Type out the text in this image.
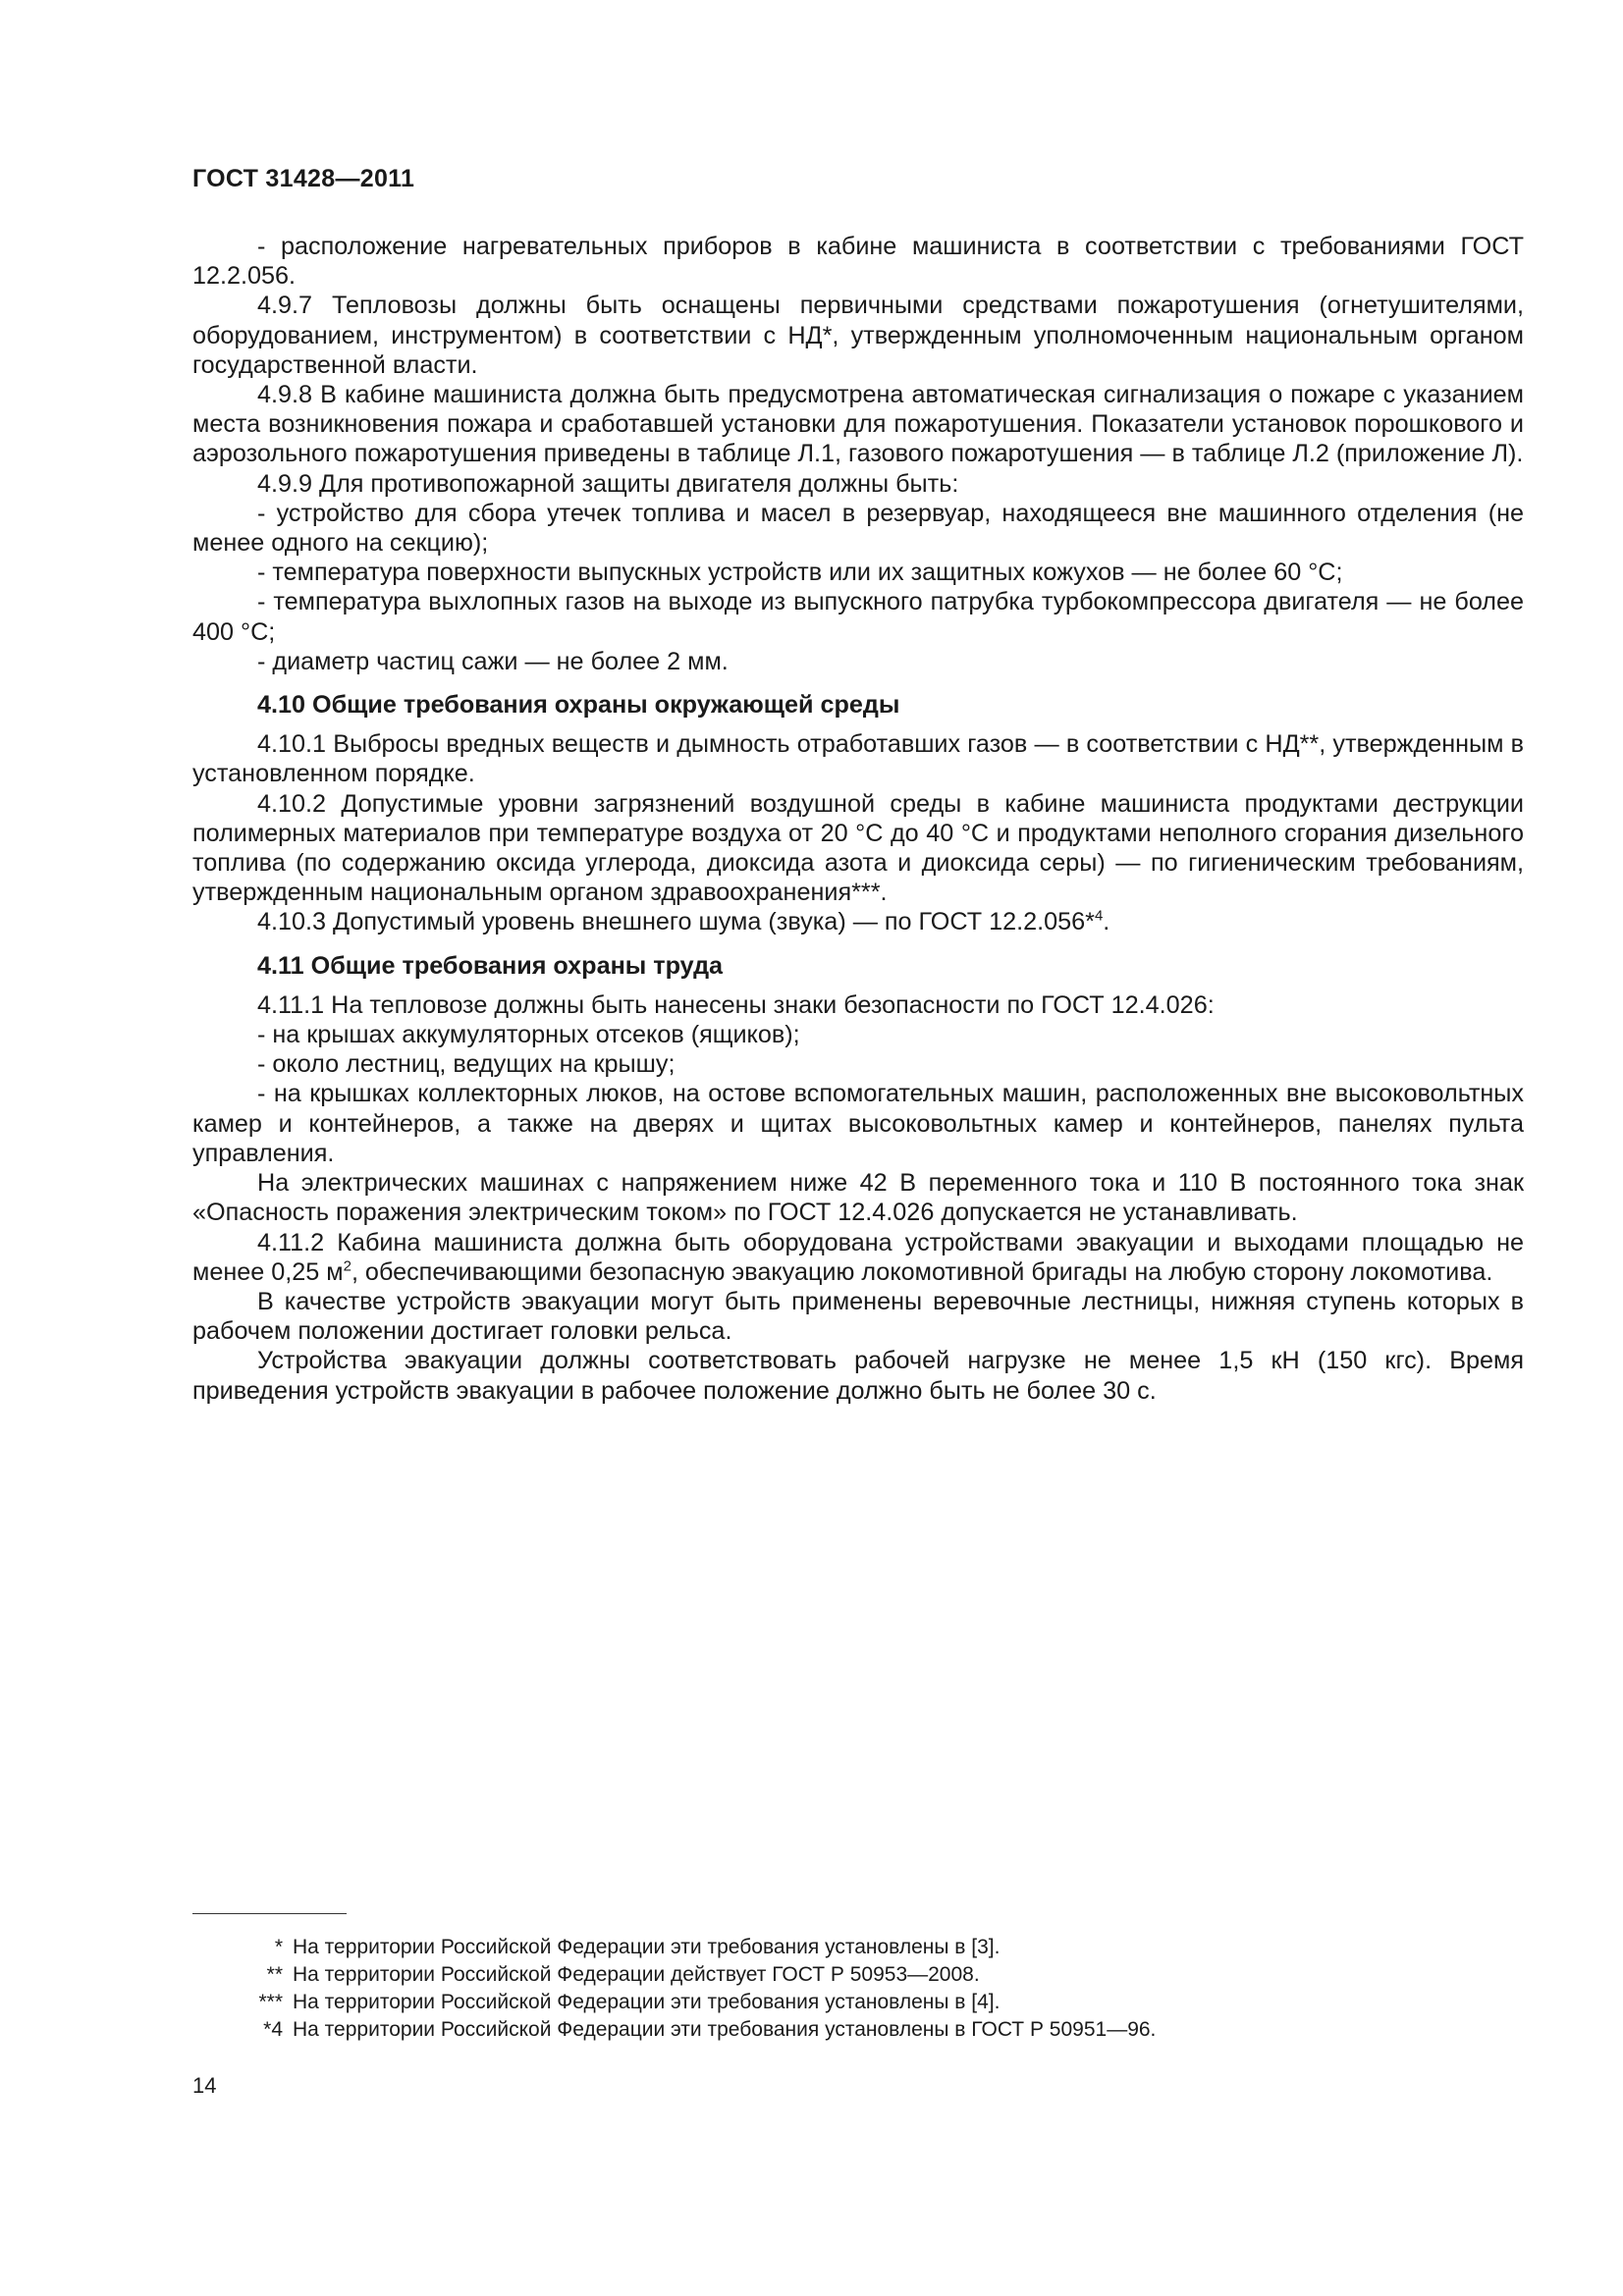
ГОСТ 31428—2011

- расположение нагревательных приборов в кабине машиниста в соответствии с требованиями ГОСТ 12.2.056.

4.9.7 Тепловозы должны быть оснащены первичными средствами пожаротушения (огнетушителями, оборудованием, инструментом) в соответствии с НД*, утвержденным уполномоченным национальным органом государственной власти.

4.9.8 В кабине машиниста должна быть предусмотрена автоматическая сигнализация о пожаре с указанием места возникновения пожара и сработавшей установки для пожаротушения. Показатели установок порошкового и аэрозольного пожаротушения приведены в таблице Л.1, газового пожаротушения — в таблице Л.2 (приложение Л).

4.9.9 Для противопожарной защиты двигателя должны быть:

- устройство для сбора утечек топлива и масел в резервуар, находящееся вне машинного отделения (не менее одного на секцию);

- температура поверхности выпускных устройств или их защитных кожухов — не более 60 °С;

- температура выхлопных газов на выходе из выпускного патрубка турбокомпрессора двигателя — не более 400 °С;

- диаметр частиц сажи — не более 2 мм.

4.10 Общие требования охраны окружающей среды

4.10.1 Выбросы вредных веществ и дымность отработавших газов — в соответствии с НД**, утвержденным в установленном порядке.

4.10.2 Допустимые уровни загрязнений воздушной среды в кабине машиниста продуктами деструкции полимерных материалов при температуре воздуха от 20 °С до 40 °С и продуктами неполного сгорания дизельного топлива (по содержанию оксида углерода, диоксида азота и диоксида серы) — по гигиеническим требованиям, утвержденным национальным органом здравоохранения***.

4.10.3 Допустимый уровень внешнего шума (звука) — по ГОСТ 12.2.056*$^4$.

4.11 Общие требования охраны труда

4.11.1 На тепловозе должны быть нанесены знаки безопасности по ГОСТ 12.4.026:

- на крышах аккумуляторных отсеков (ящиков);

- около лестниц, ведущих на крышу;

- на крышках коллекторных люков, на остове вспомогательных машин, расположенных вне высоковольтных камер и контейнеров, а также на дверях и щитах высоковольтных камер и контейнеров, панелях пульта управления.

На электрических машинах с напряжением ниже 42 В переменного тока и 110 В постоянного тока знак «Опасность поражения электрическим током» по ГОСТ 12.4.026 допускается не устанавливать.

4.11.2 Кабина машиниста должна быть оборудована устройствами эвакуации и выходами площадью не менее 0,25 $м^2$, обеспечивающими безопасную эвакуацию локомотивной бригады на любую сторону локомотива.

В качестве устройств эвакуации могут быть применены веревочные лестницы, нижняя ступень которых в рабочем положении достигает головки рельса.

Устройства эвакуации должны соответствовать рабочей нагрузке не менее 1,5 кН (150 кгс). Время приведения устройств эвакуации в рабочее положение должно быть не более 30 с.

* На территории Российской Федерации эти требования установлены в [3].
** На территории Российской Федерации действует ГОСТ Р 50953—2008.
*** На территории Российской Федерации эти требования установлены в [4].
*4 На территории Российской Федерации эти требования установлены в ГОСТ Р 50951—96.
14
